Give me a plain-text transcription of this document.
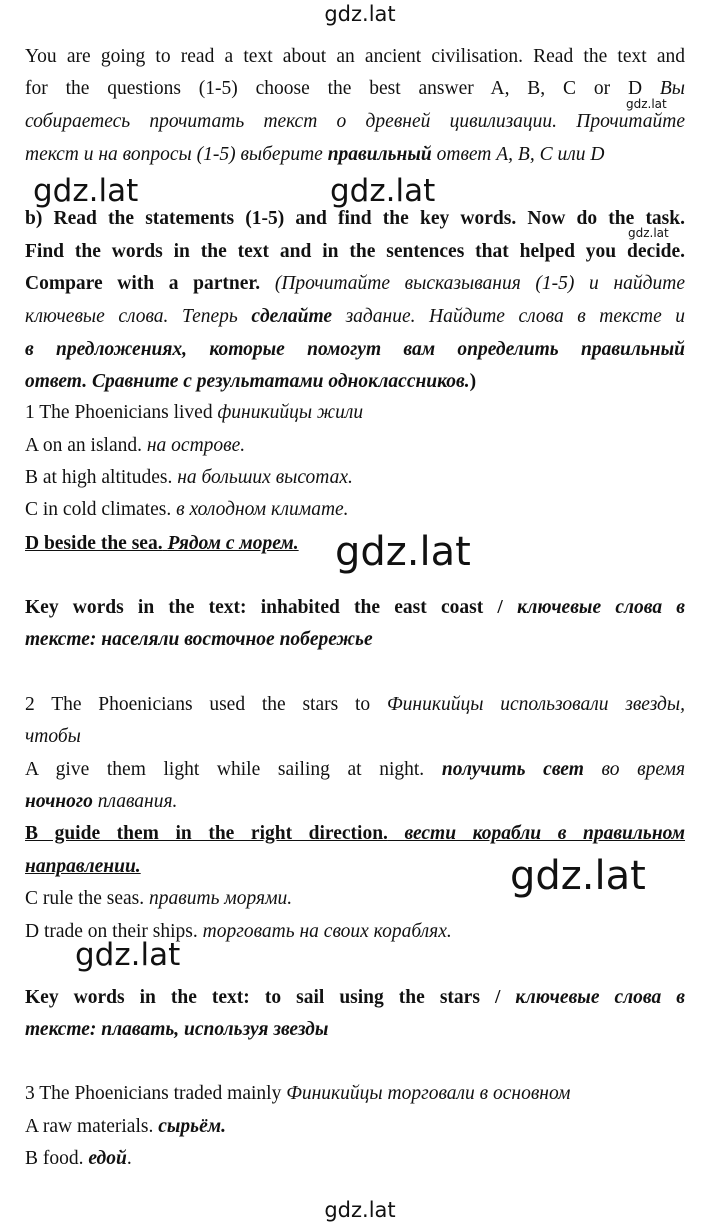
gdz.lat
gdz.lat
gdz.lat	gdz.lat
gdz.lat
gdz.lat
gdz.lat
gdz.lat
gdz.lat
You are going to read a text about an ancient civilisation. Read the text and
for the questions (1-5) choose the best answer A, B, C or D Вы
собираетесь прочитать текст о древней цивилизации. Прочитайте
текст и на вопросы (1-5) выберите правильный ответ A, B, C или D
b) Read the statements (1-5) and find the key words. Now do the task.
Find the words in the text and in the sentences that helped you decide.
Compare with a partner. (Прочитайте высказывания (1-5) и найдите
ключевые слова. Теперь сделайте задание. Найдите слова в тексте и
в предложениях, которые помогут вам определить правильный
ответ. Сравните с результатами одноклассников.)
1 The Phoenicians lived финикийцы жили
A on an island. на острове.
B at high altitudes. на больших высотах.
C in cold climates. в холодном климате.
D beside the sea. Рядом с морем.
Key words in the text: inhabited the east coast / ключевые слова в
тексте: населяли восточное побережье
2 The Phoenicians used the stars to Финикийцы использовали звезды,
чтобы
A give them light while sailing at night. получить свет во время
ночного плавания.
B guide them in the right direction. вести корабли в правильном
направлении.
C rule the seas. править морями.
D trade on their ships. торговать на своих кораблях.
Key words in the text: to sail using the stars / ключевые слова в
тексте: плавать, используя звезды
3 The Phoenicians traded mainly Финикийцы торговали в основном
A raw materials. сырьём.
B food. едой.
